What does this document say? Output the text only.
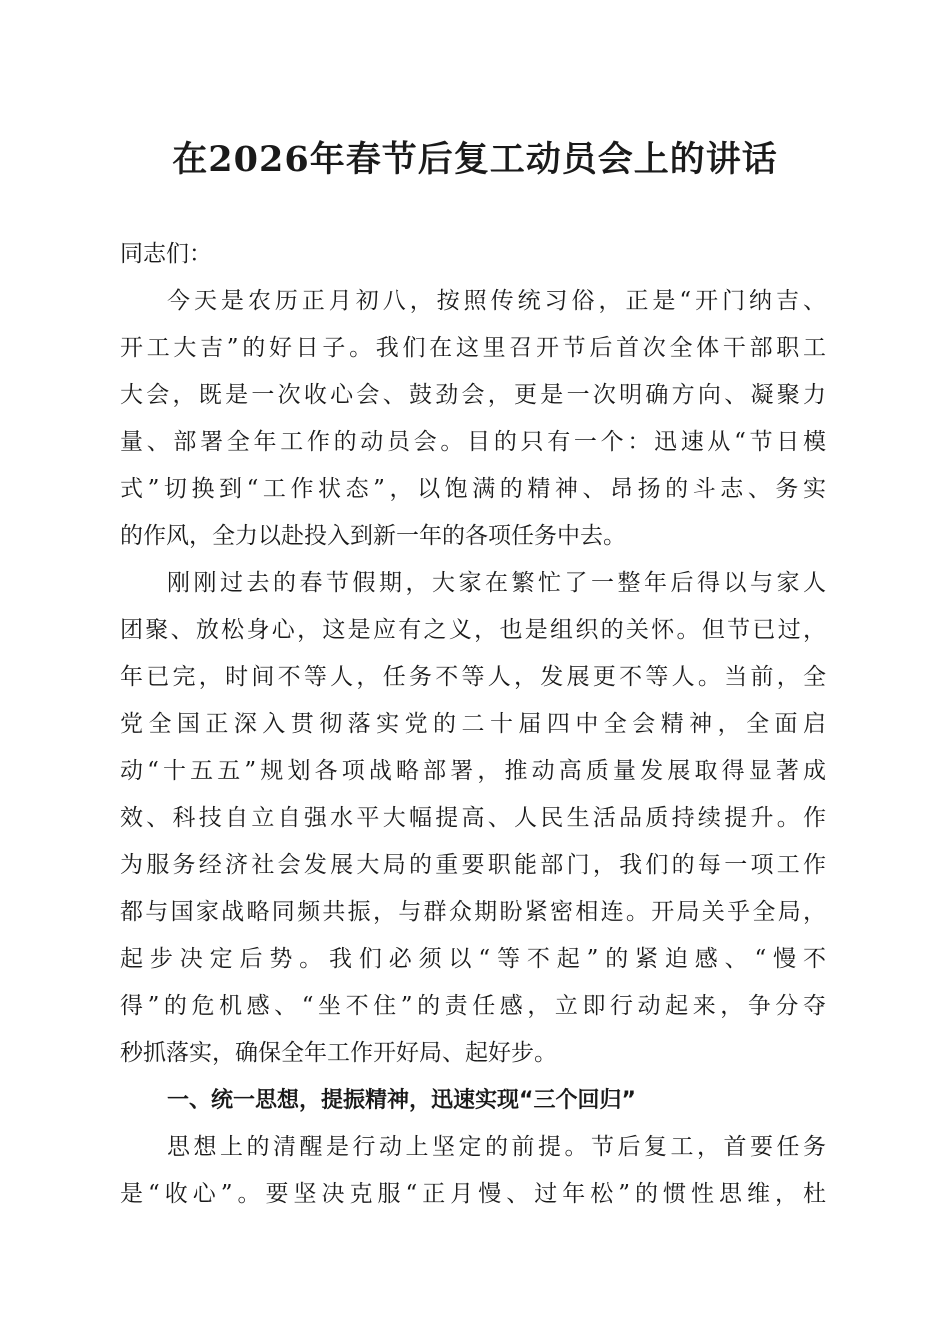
在2026年春节后复工动员会上的讲话
同志们：
今天是农历正月初八，按照传统习俗，正是“开门纳吉、
开工大吉”的好日子。我们在这里召开节后首次全体干部职工
大会，既是一次收心会、鼓劲会，更是一次明确方向、凝聚力
量、部署全年工作的动员会。目的只有一个：迅速从“节日模
式”切换到“工作状态”，以饱满的精神、昂扬的斗志、务实
的作风，全力以赴投入到新一年的各项任务中去。
刚刚过去的春节假期，大家在繁忙了一整年后得以与家人
团聚、放松身心，这是应有之义，也是组织的关怀。但节已过，
年已完，时间不等人，任务不等人，发展更不等人。当前，全
党全国正深入贯彻落实党的二十届四中全会精神，全面启
动“十五五”规划各项战略部署，推动高质量发展取得显著成
效、科技自立自强水平大幅提高、人民生活品质持续提升。作
为服务经济社会发展大局的重要职能部门，我们的每一项工作
都与国家战略同频共振，与群众期盼紧密相连。开局关乎全局，
起步决定后势。我们必须以“等不起”的紧迫感、“慢不
得”的危机感、“坐不住”的责任感，立即行动起来，争分夺
秒抓落实，确保全年工作开好局、起好步。
一、统一思想，提振精神，迅速实现“三个回归”
思想上的清醒是行动上坚定的前提。节后复工，首要任务
是“收心”。要坚决克服“正月慢、过年松”的惯性思维，杜
